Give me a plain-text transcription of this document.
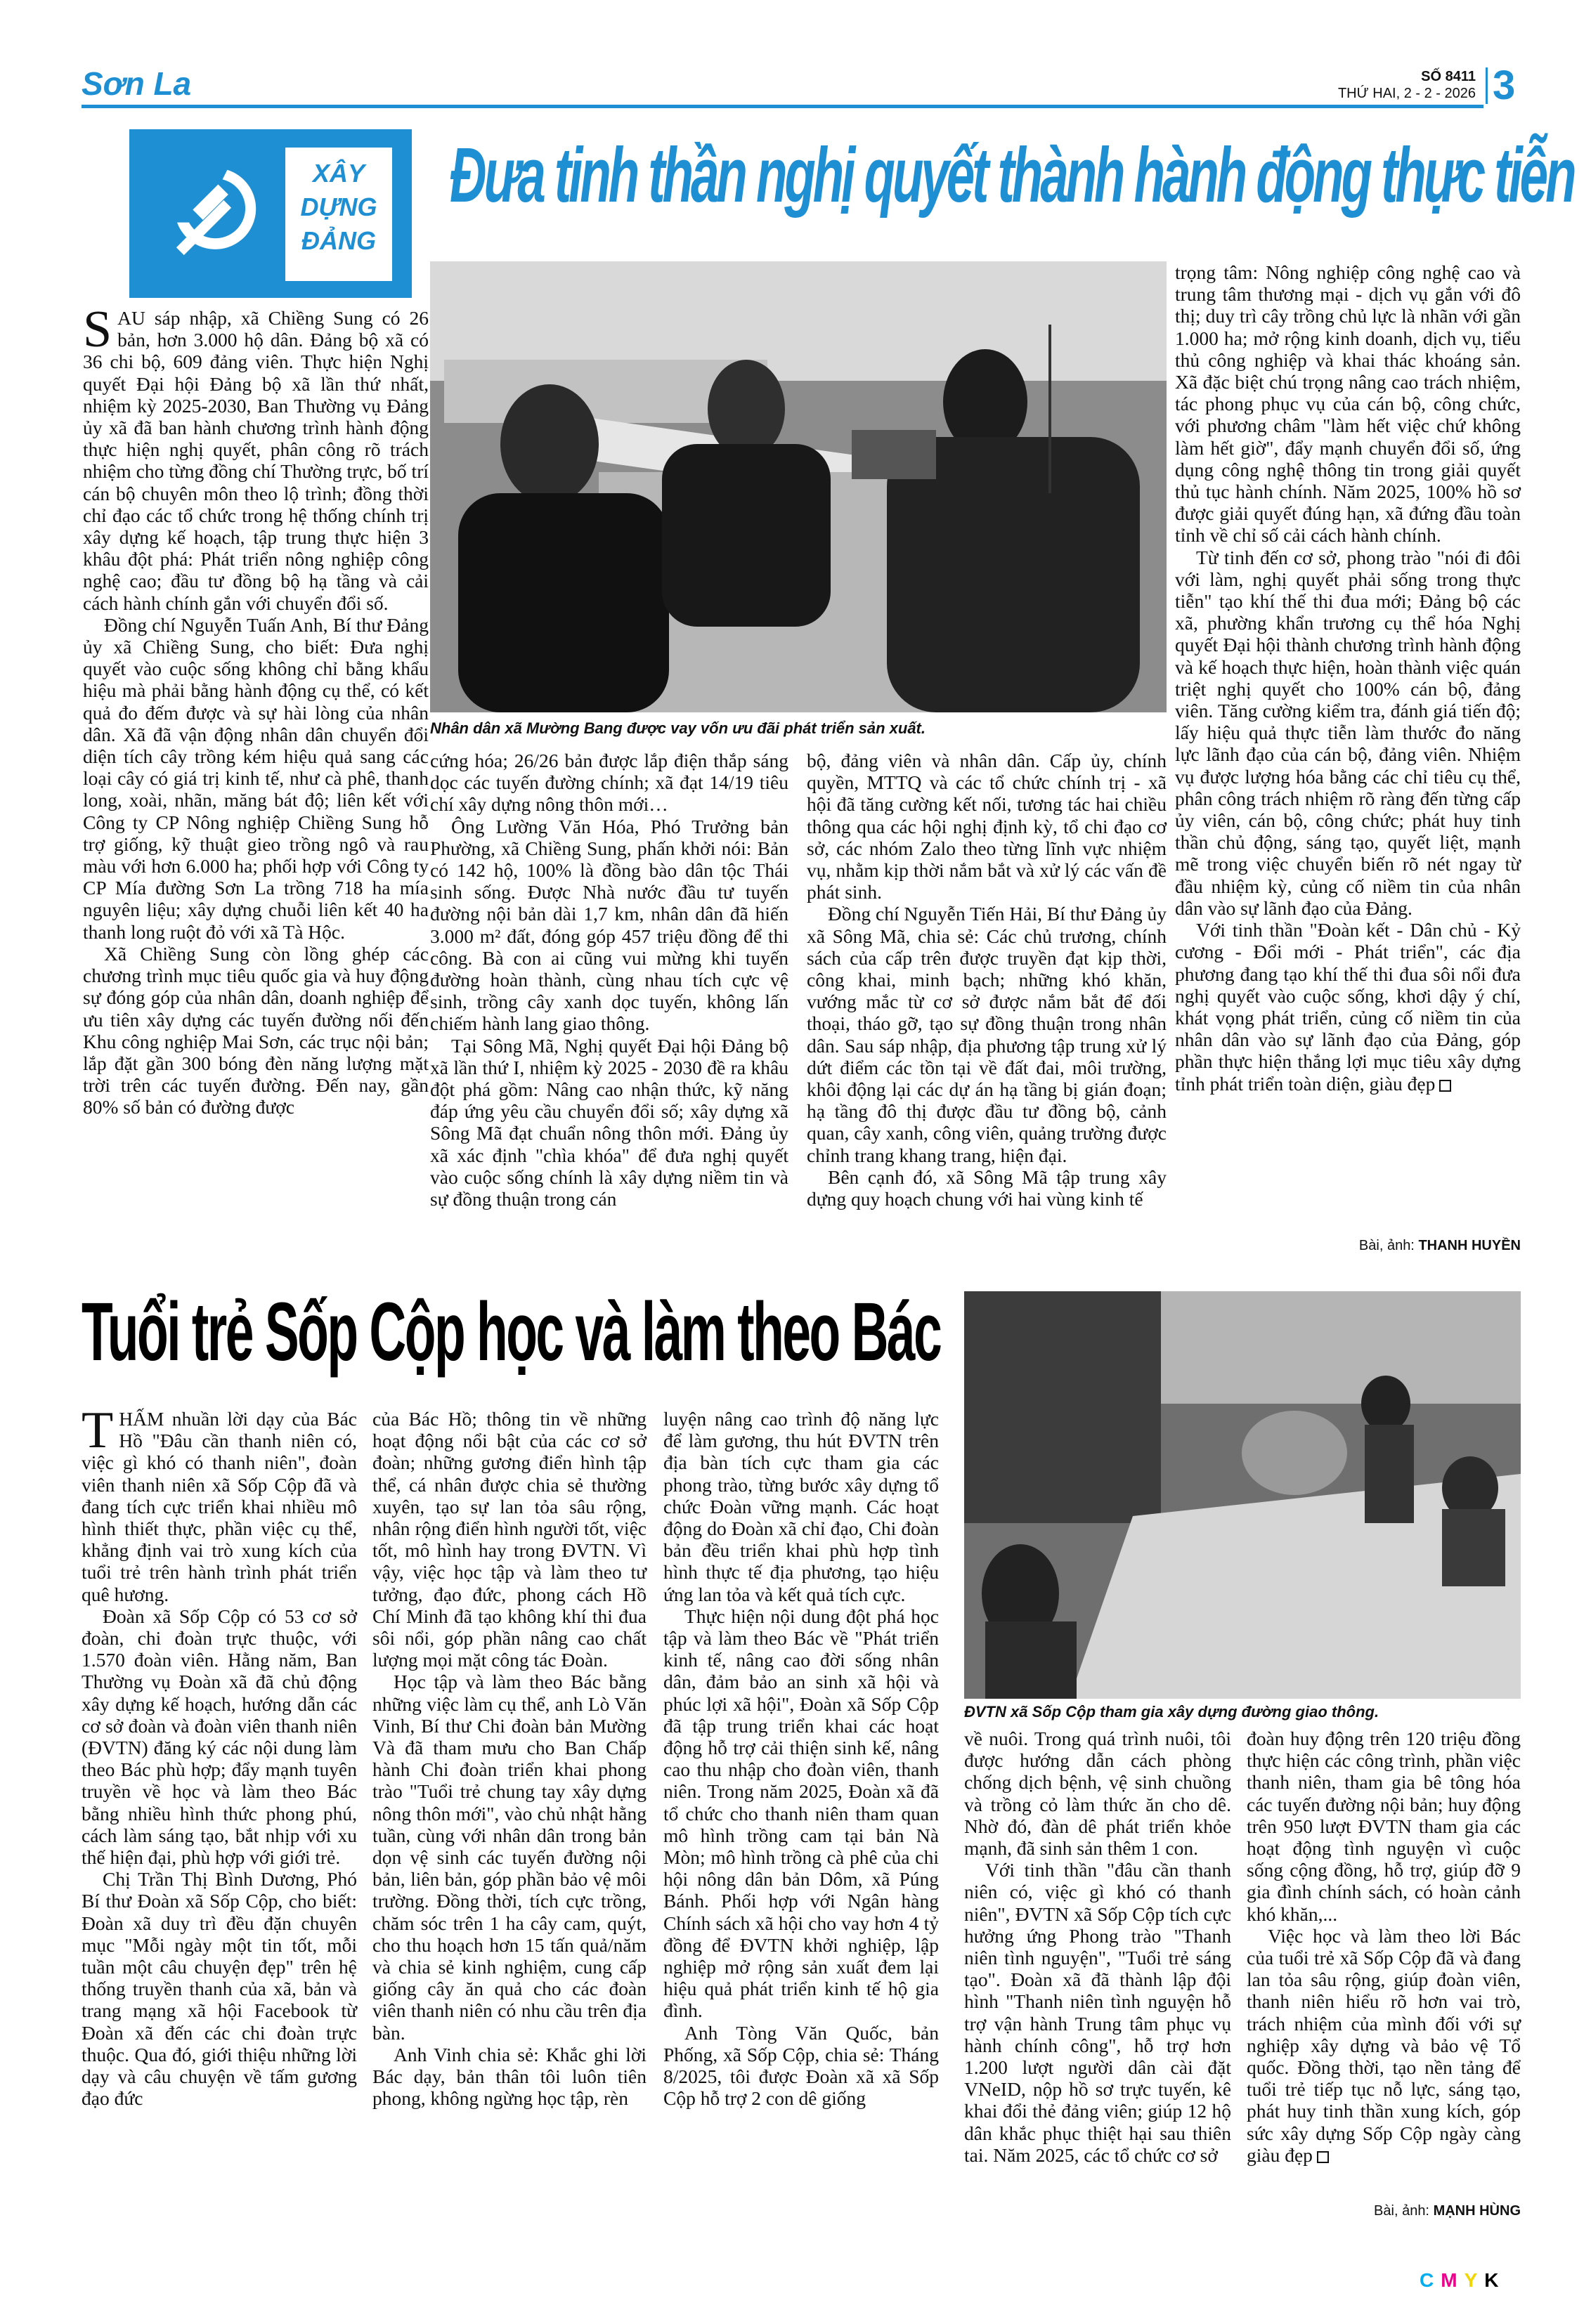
Sơn La	SỐ 8411
THỨ HAI, 2 - 2 - 2026 3
XÂY
DỰNG
ĐẢNG
Đưa tinh thần nghị quyết thành hành động thực tiễn
Nhân dân xã Mường Bang được vay vốn ưu đãi phát triển sản xuất.

SAU sáp nhập, xã Chiềng Sung có 26 bản, hơn 3.000 hộ dân. Đảng bộ xã có 36 chi bộ, 609 đảng viên. Thực hiện Nghị quyết Đại hội Đảng bộ xã lần thứ nhất, nhiệm kỳ 2025-2030, Ban Thường vụ Đảng ủy xã đã ban hành chương trình hành động thực hiện nghị quyết, phân công rõ trách nhiệm cho từng đồng chí Thường trực, bố trí cán bộ chuyên môn theo lộ trình; đồng thời chỉ đạo các tổ chức trong hệ thống chính trị xây dựng kế hoạch, tập trung thực hiện 3 khâu đột phá: Phát triển nông nghiệp công nghệ cao; đầu tư đồng bộ hạ tầng và cải cách hành chính gắn với chuyển đổi số.

Đồng chí Nguyễn Tuấn Anh, Bí thư Đảng ủy xã Chiềng Sung, cho biết: Đưa nghị quyết vào cuộc sống không chỉ bằng khẩu hiệu mà phải bằng hành động cụ thể, có kết quả đo đếm được và sự hài lòng của nhân dân. Xã đã vận động nhân dân chuyển đổi diện tích cây trồng kém hiệu quả sang các loại cây có giá trị kinh tế, như cà phê, thanh long, xoài, nhãn, măng bát độ; liên kết với Công ty CP Nông nghiệp Chiềng Sung hỗ trợ giống, kỹ thuật gieo trồng ngô và rau màu với hơn 6.000 ha; phối hợp với Công ty CP Mía đường Sơn La trồng 718 ha mía nguyên liệu; xây dựng chuỗi liên kết 40 ha thanh long ruột đỏ với xã Tà Hộc.

Xã Chiềng Sung còn lồng ghép các chương trình mục tiêu quốc gia và huy động sự đóng góp của nhân dân, doanh nghiệp để ưu tiên xây dựng các tuyến đường nối đến Khu công nghiệp Mai Sơn, các trục nội bản; lắp đặt gần 300 bóng đèn năng lượng mặt trời trên các tuyến đường. Đến nay, gần 80% số bản có đường được

cứng hóa; 26/26 bản được lắp điện thắp sáng dọc các tuyến đường chính; xã đạt 14/19 tiêu chí xây dựng nông thôn mới…

Ông Lường Văn Hóa, Phó Trưởng bản Phường, xã Chiềng Sung, phấn khởi nói: Bản có 142 hộ, 100% là đồng bào dân tộc Thái sinh sống. Được Nhà nước đầu tư tuyến đường nội bản dài 1,7 km, nhân dân đã hiến 3.000 m² đất, đóng góp 457 triệu đồng để thi công. Bà con ai cũng vui mừng khi tuyến đường hoàn thành, cùng nhau tích cực vệ sinh, trồng cây xanh dọc tuyến, không lấn chiếm hành lang giao thông.

Tại Sông Mã, Nghị quyết Đại hội Đảng bộ xã lần thứ I, nhiệm kỳ 2025 - 2030 đề ra khâu đột phá gồm: Nâng cao nhận thức, kỹ năng đáp ứng yêu cầu chuyển đổi số; xây dựng xã Sông Mã đạt chuẩn nông thôn mới. Đảng ủy xã xác định "chìa khóa" để đưa nghị quyết vào cuộc sống chính là xây dựng niềm tin và sự đồng thuận trong cán

bộ, đảng viên và nhân dân. Cấp ủy, chính quyền, MTTQ và các tổ chức chính trị - xã hội đã tăng cường kết nối, tương tác hai chiều thông qua các hội nghị định kỳ, tổ chi đạo cơ sở, các nhóm Zalo theo từng lĩnh vực nhiệm vụ, nhằm kịp thời nắm bắt và xử lý các vấn đề phát sinh.

Đồng chí Nguyễn Tiến Hải, Bí thư Đảng ủy xã Sông Mã, chia sẻ: Các chủ trương, chính sách của cấp trên được truyền đạt kịp thời, công khai, minh bạch; những khó khăn, vướng mắc từ cơ sở được nắm bắt để đối thoại, tháo gỡ, tạo sự đồng thuận trong nhân dân. Sau sáp nhập, địa phương tập trung xử lý dứt điểm các tồn tại về đất đai, môi trường, khôi động lại các dự án hạ tầng bị gián đoạn; hạ tầng đô thị được đầu tư đồng bộ, cảnh quan, cây xanh, công viên, quảng trường được chỉnh trang khang trang, hiện đại.

Bên cạnh đó, xã Sông Mã tập trung xây dựng quy hoạch chung với hai vùng kinh tế

trọng tâm: Nông nghiệp công nghệ cao và trung tâm thương mại - dịch vụ gắn với đô thị; duy trì cây trồng chủ lực là nhãn với gần 1.000 ha; mở rộng kinh doanh, dịch vụ, tiểu thủ công nghiệp và khai thác khoáng sản. Xã đặc biệt chú trọng nâng cao trách nhiệm, tác phong phục vụ của cán bộ, công chức, với phương châm "làm hết việc chứ không làm hết giờ", đẩy mạnh chuyển đổi số, ứng dụng công nghệ thông tin trong giải quyết thủ tục hành chính. Năm 2025, 100% hồ sơ được giải quyết đúng hạn, xã đứng đầu toàn tỉnh về chỉ số cải cách hành chính.

Từ tinh đến cơ sở, phong trào "nói đi đôi với làm, nghị quyết phải sống trong thực tiễn" tạo khí thế thi đua mới; Đảng bộ các xã, phường khẩn trương cụ thể hóa Nghị quyết Đại hội thành chương trình hành động và kế hoạch thực hiện, hoàn thành việc quán triệt nghị quyết cho 100% cán bộ, đảng viên. Tăng cường kiểm tra, đánh giá tiến độ; lấy hiệu quả thực tiễn làm thước đo năng lực lãnh đạo của cán bộ, đảng viên. Nhiệm vụ được lượng hóa bằng các chỉ tiêu cụ thể, phân công trách nhiệm rõ ràng đến từng cấp ủy viên, cán bộ, công chức; phát huy tinh thần chủ động, sáng tạo, quyết liệt, mạnh mẽ trong việc chuyển biến rõ nét ngay từ đầu nhiệm kỳ, củng cố niềm tin của nhân dân vào sự lãnh đạo của Đảng.

Với tinh thần "Đoàn kết - Dân chủ - Kỷ cương - Đổi mới - Phát triển", các địa phương đang tạo khí thế thi đua sôi nổi đưa nghị quyết vào cuộc sống, khơi dậy ý chí, khát vọng phát triển, củng cố niềm tin của nhân dân vào sự lãnh đạo của Đảng, góp phần thực hiện thắng lợi mục tiêu xây dựng tỉnh phát triển toàn diện, giàu đẹp

Bài, ảnh: THANH HUYỀN
Tuổi trẻ Sốp Cộp học và làm theo Bác
ĐVTN xã Sốp Cộp tham gia xây dựng đường giao thông.

THẤM nhuần lời dạy của Bác Hồ "Đâu cần thanh niên có, việc gì khó có thanh niên", đoàn viên thanh niên xã Sốp Cộp đã và đang tích cực triển khai nhiều mô hình thiết thực, phần việc cụ thể, khẳng định vai trò xung kích của tuổi trẻ trên hành trình phát triển quê hương.

Đoàn xã Sốp Cộp có 53 cơ sở đoàn, chi đoàn trực thuộc, với 1.570 đoàn viên. Hằng năm, Ban Thường vụ Đoàn xã đã chủ động xây dựng kế hoạch, hướng dẫn các cơ sở đoàn và đoàn viên thanh niên (ĐVTN) đăng ký các nội dung làm theo Bác phù hợp; đẩy mạnh tuyên truyền về học và làm theo Bác bằng nhiều hình thức phong phú, cách làm sáng tạo, bắt nhịp với xu thế hiện đại, phù hợp với giới trẻ.

Chị Trần Thị Bình Dương, Phó Bí thư Đoàn xã Sốp Cộp, cho biết: Đoàn xã duy trì đều đặn chuyên mục "Mỗi ngày một tin tốt, mỗi tuần một câu chuyện đẹp" trên hệ thống truyền thanh của xã, bản và trang mạng xã hội Facebook từ Đoàn xã đến các chi đoàn trực thuộc. Qua đó, giới thiệu những lời dạy và câu chuyện về tấm gương đạo đức

của Bác Hồ; thông tin về những hoạt động nổi bật của các cơ sở đoàn; những gương điển hình tập thể, cá nhân được chia sẻ thường xuyên, tạo sự lan tỏa sâu rộng, nhân rộng điển hình người tốt, việc tốt, mô hình hay trong ĐVTN. Vì vậy, việc học tập và làm theo tư tưởng, đạo đức, phong cách Hồ Chí Minh đã tạo không khí thi đua sôi nổi, góp phần nâng cao chất lượng mọi mặt công tác Đoàn.

Học tập và làm theo Bác bằng những việc làm cụ thể, anh Lò Văn Vinh, Bí thư Chi đoàn bản Mường Và đã tham mưu cho Ban Chấp hành Chi đoàn triển khai phong trào "Tuổi trẻ chung tay xây dựng nông thôn mới", vào chủ nhật hằng tuần, cùng với nhân dân trong bản dọn vệ sinh các tuyến đường nội bản, liên bản, góp phần bảo vệ môi trường. Đồng thời, tích cực trồng, chăm sóc trên 1 ha cây cam, quýt, cho thu hoạch hơn 15 tấn quả/năm và chia sẻ kinh nghiệm, cung cấp giống cây ăn quả cho các đoàn viên thanh niên có nhu cầu trên địa bàn.

Anh Vinh chia sẻ: Khắc ghi lời Bác dạy, bản thân tôi luôn tiên phong, không ngừng học tập, rèn

luyện nâng cao trình độ năng lực để làm gương, thu hút ĐVTN trên địa bàn tích cực tham gia các phong trào, từng bước xây dựng tổ chức Đoàn vững mạnh. Các hoạt động do Đoàn xã chỉ đạo, Chi đoàn bản đều triển khai phù hợp tình hình thực tế địa phương, tạo hiệu ứng lan tỏa và kết quả tích cực.

Thực hiện nội dung đột phá học tập và làm theo Bác về "Phát triển kinh tế, nâng cao đời sống nhân dân, đảm bảo an sinh xã hội và phúc lợi xã hội", Đoàn xã Sốp Cộp đã tập trung triển khai các hoạt động hỗ trợ cải thiện sinh kế, nâng cao thu nhập cho đoàn viên, thanh niên. Trong năm 2025, Đoàn xã đã tổ chức cho thanh niên tham quan mô hình trồng cam tại bản Nà Mòn; mô hình trồng cà phê của chi hội nông dân bản Dôm, xã Púng Bánh. Phối hợp với Ngân hàng Chính sách xã hội cho vay hơn 4 tỷ đồng để ĐVTN khởi nghiệp, lập nghiệp mở rộng sản xuất đem lại hiệu quả phát triển kinh tế hộ gia đình.

Anh Tòng Văn Quốc, bản Phống, xã Sốp Cộp, chia sẻ: Tháng 8/2025, tôi được Đoàn xã xã Sốp Cộp hỗ trợ 2 con dê giống

về nuôi. Trong quá trình nuôi, tôi được hướng dẫn cách phòng chống dịch bệnh, vệ sinh chuồng và trồng cỏ làm thức ăn cho dê. Nhờ đó, đàn dê phát triển khỏe mạnh, đã sinh sản thêm 1 con.

Với tinh thần "đâu cần thanh niên có, việc gì khó có thanh niên", ĐVTN xã Sốp Cộp tích cực hưởng ứng Phong trào "Thanh niên tình nguyện", "Tuổi trẻ sáng tạo". Đoàn xã đã thành lập đội hình "Thanh niên tình nguyện hỗ trợ vận hành Trung tâm phục vụ hành chính công", hỗ trợ hơn 1.200 lượt người dân cài đặt VNeID, nộp hồ sơ trực tuyến, kê khai đổi thẻ đảng viên; giúp 12 hộ dân khắc phục thiệt hại sau thiên tai. Năm 2025, các tổ chức cơ sở

đoàn huy động trên 120 triệu đồng thực hiện các công trình, phần việc thanh niên, tham gia bê tông hóa các tuyến đường nội bản; huy động trên 950 lượt ĐVTN tham gia các hoạt động tình nguyện vì cuộc sống cộng đồng, hỗ trợ, giúp đỡ 9 gia đình chính sách, có hoàn cảnh khó khăn,...

Việc học và làm theo lời Bác của tuổi trẻ xã Sốp Cộp đã và đang lan tỏa sâu rộng, giúp đoàn viên, thanh niên hiểu rõ hơn vai trò, trách nhiệm của mình đối với sự nghiệp xây dựng và bảo vệ Tổ quốc. Đồng thời, tạo nền tảng để tuổi trẻ tiếp tục nỗ lực, sáng tạo, phát huy tinh thần xung kích, góp sức xây dựng Sốp Cộp ngày càng giàu đẹp

Bài, ảnh: MẠNH HÙNG
CMYK
